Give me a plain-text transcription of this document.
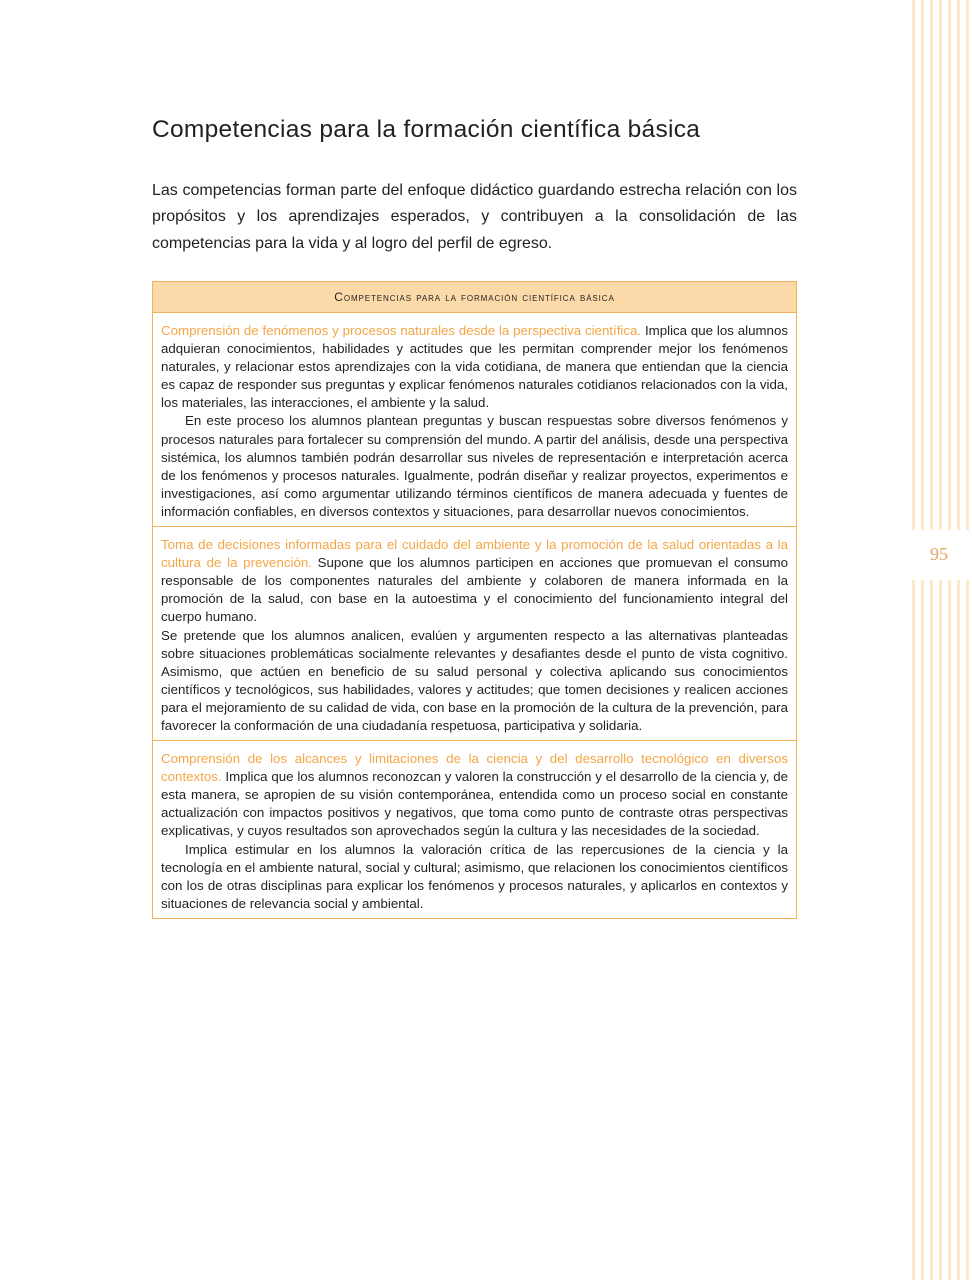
95
Competencias para la formación científica básica

Las competencias forman parte del enfoque didáctico guardando estrecha relación con los propósitos y los aprendizajes esperados, y contribuyen a la consolidación de las competencias para la vida y al logro del perfil de egreso.

Competencias para la formación científica básica

Comprensión de fenómenos y procesos naturales desde la perspectiva científica. Implica que los alumnos adquieran conocimientos, habilidades y actitudes que les permitan comprender mejor los fenómenos naturales, y relacionar estos aprendizajes con la vida cotidiana, de manera que entiendan que la ciencia es capaz de responder sus preguntas y explicar fenómenos naturales cotidianos relacionados con la vida, los materiales, las interacciones, el ambiente y la salud.

En este proceso los alumnos plantean preguntas y buscan respuestas sobre diversos fenómenos y procesos naturales para fortalecer su comprensión del mundo. A partir del análisis, desde una perspectiva sistémica, los alumnos también podrán desarrollar sus niveles de representación e interpretación acerca de los fenómenos y procesos naturales. Igualmente, podrán diseñar y realizar proyectos, experimentos e investigaciones, así como argumentar utilizando términos científicos de manera adecuada y fuentes de información confiables, en diversos contextos y situaciones, para desarrollar nuevos conocimientos.

Toma de decisiones informadas para el cuidado del ambiente y la promoción de la salud orientadas a la cultura de la prevención. Supone que los alumnos participen en acciones que promuevan el consumo responsable de los componentes naturales del ambiente y colaboren de manera informada en la promoción de la salud, con base en la autoestima y el conocimiento del funcionamiento integral del cuerpo humano.

Se pretende que los alumnos analicen, evalúen y argumenten respecto a las alternativas planteadas sobre situaciones problemáticas socialmente relevantes y desafiantes desde el punto de vista cognitivo. Asimismo, que actúen en beneficio de su salud personal y colectiva aplicando sus conocimientos científicos y tecnológicos, sus habilidades, valores y actitudes; que tomen decisiones y realicen acciones para el mejoramiento de su calidad de vida, con base en la promoción de la cultura de la prevención, para favorecer la conformación de una ciudadanía respetuosa, participativa y solidaria.

Comprensión de los alcances y limitaciones de la ciencia y del desarrollo tecnológico en diversos contextos. Implica que los alumnos reconozcan y valoren la construcción y el desarrollo de la ciencia y, de esta manera, se apropien de su visión contemporánea, entendida como un proceso social en constante actualización con impactos positivos y negativos, que toma como punto de contraste otras perspectivas explicativas, y cuyos resultados son aprovechados según la cultura y las necesidades de la sociedad.

Implica estimular en los alumnos la valoración crítica de las repercusiones de la ciencia y la tecnología en el ambiente natural, social y cultural; asimismo, que relacionen los conocimientos científicos con los de otras disciplinas para explicar los fenómenos y procesos naturales, y aplicarlos en contextos y situaciones de relevancia social y ambiental.
